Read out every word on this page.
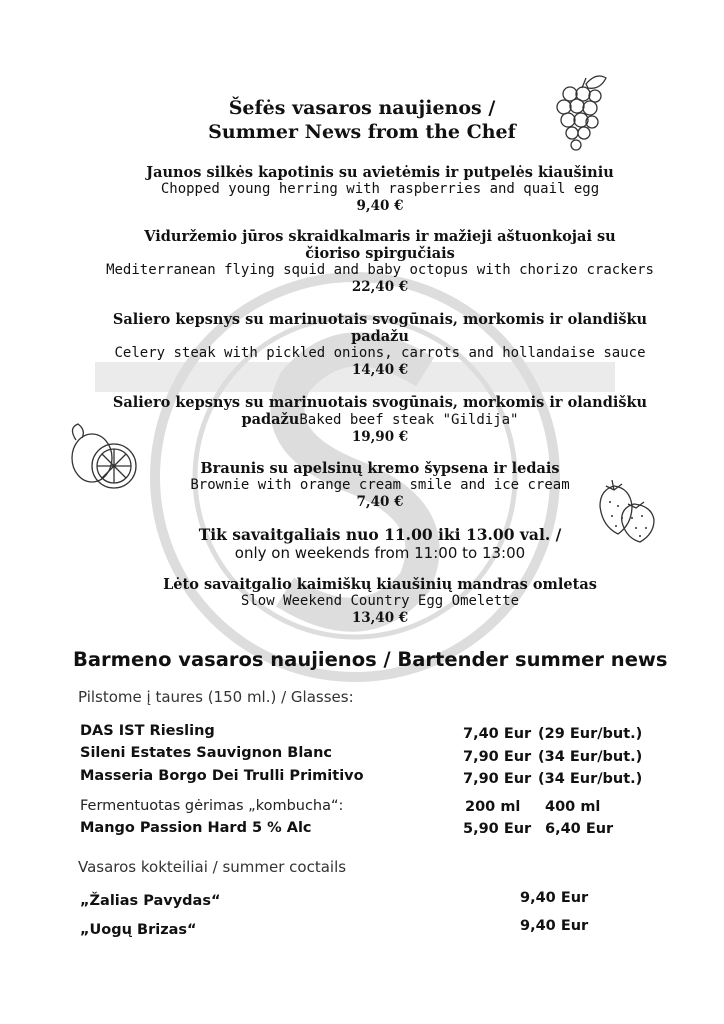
Šefės vasaros naujienos /
Summer News from the Chef
Jaunos silkės kapotinis su avietėmis ir putpelės kiaušiniu
Chopped young herring with raspberries and quail egg
9,40 €
Viduržemio jūros skraidkalmaris ir mažieji aštuonkojai su
čioriso spirgučiais
Mediterranean flying squid and baby octopus with chorizo crackers
22,40 €
Saliero kepsnys su marinuotais svogūnais, morkomis ir olandišku
padažu
Celery steak with pickled onions, carrots and hollandaise sauce
14,40 €
Saliero kepsnys su marinuotais svogūnais, morkomis ir olandišku
padažuBaked beef steak "Gildija"
19,90 €
Braunis su apelsinų kremo šypsena ir ledais
Brownie with orange cream smile and ice cream
7,40 €
Tik savaitgaliais nuo 11.00 iki 13.00 val. /
only on weekends from 11:00 to 13:00
Lėto savaitgalio kaimiškų kiaušinių mandras omletas
Slow Weekend Country Egg Omelette
13,40 €
Barmeno vasaros naujienos / Bartender summer news
Pilstome į taures (150 ml.) / Glasses:
DAS IST Riesling	7,40 Eur (29 Eur/but.)
Sileni Estates Sauvignon Blanc	7,90 Eur (34 Eur/but.)
Masseria Borgo Dei Trulli Primitivo	7,90 Eur (34 Eur/but.)
Fermentuotas gėrimas „kombucha“:	200 ml 400 ml
Mango Passion Hard 5 % Alc	5,90 Eur 6,40 Eur
Vasaros kokteiliai / summer coctails
„Žalias Pavydas“	9,40 Eur
„Uogų Brizas“	9,40 Eur
